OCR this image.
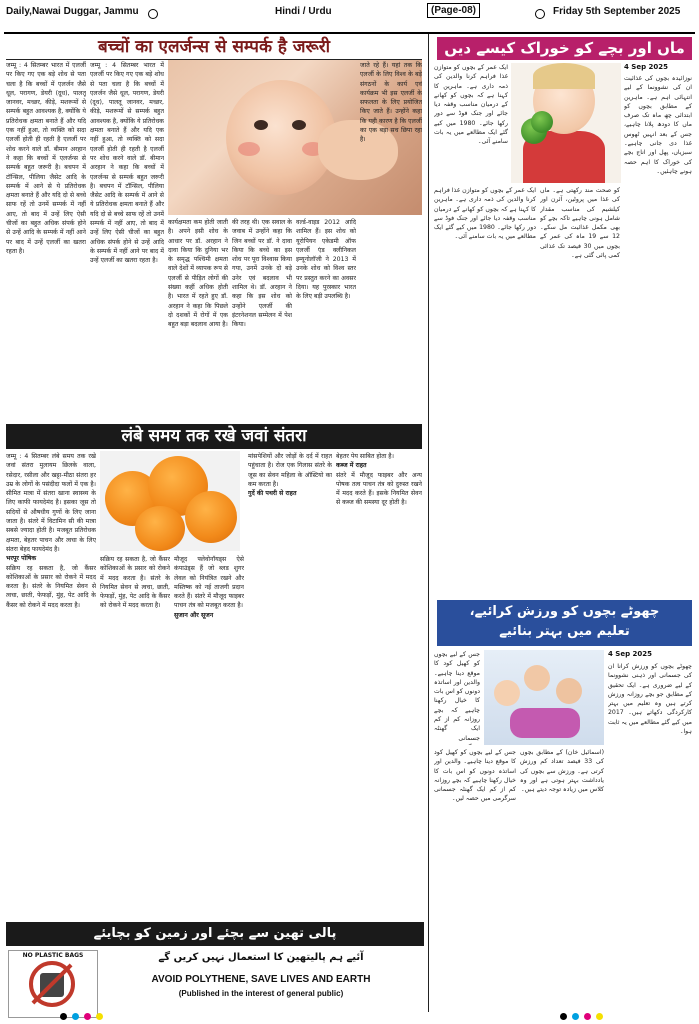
Daily,Nawai Duggar, Jammu	Hindi / Urdu	(Page-08)	Friday 5th September 2025
बच्चों का एलर्जन्स से सम्पर्क है जरूरी
जम्मू : 4 सितम्बर भारत में एलर्जी पर किए गए एक बड़े शोध से पता चला है कि बच्चों में एलर्जन जैसे धूल, परागण, डेयरी (दूध), पालतू जानवर, मच्छर, कीड़े, मशरूमों से सम्पर्क बहुत आवश्यक है, क्योंकि ये प्रतिरोधक क्षमता बनाते हैं और यदि एक नहीं हुआ, तो व्यक्ति को सदा एलर्जी होती ही रहती है एलर्जी पर शोध करने वाले डॉ. बीमान अरहान ने कहा कि बच्चों में एलर्जन्स से सम्पर्क बहुत जरूरी है। बचपन में टॉन्सिल, पीलिया जैसेट आदि के सम्पर्क में आने से ये प्रतिरोधक क्षमता बनाते हैं और यदि दो से बच्चे साफ रहें तो उनमें सम्पर्क में नहीं आए, तो बाद में उन्हें लिए ऐसी चीजों का बहुत अधिक संपर्क होने से उन्हें आदि के सम्पर्क में नहीं आने पर बाद में उन्हें एलर्जी का खतरा रहता है।
जम्मू : 4 सितम्बर भारत में एलर्जी पर किए गए एक बड़े शोध से पता चला है कि बच्चों में एलर्जन जैसे धूल, परागण, डेयरी (दूध), पालतू जानवर, मच्छर, कीड़े, मशरूमों से सम्पर्क बहुत आवश्यक है, क्योंकि ये प्रतिरोधक क्षमता बनाते हैं और यदि एक नहीं हुआ, तो व्यक्ति को सदा एलर्जी होती ही रहती है एलर्जी पर शोध करने वाले डॉ. बीमान अरहान ने कहा कि बच्चों में एलर्जन्स से सम्पर्क बहुत जरूरी है। बचपन में टॉन्सिल, पीलिया जैसेट आदि के सम्पर्क में आने से ये प्रतिरोधक क्षमता बनाते हैं और यदि दो से बच्चे साफ रहें तो उनमें सम्पर्क में नहीं आए, तो बाद में उन्हें लिए ऐसी चीजों का बहुत अधिक संपर्क होने से उन्हें आदि के सम्पर्क में नहीं आने पर बाद में उन्हें एलर्जी का खतरा रहता है।
कार्यक्षमता कम होती जाती है। अपने इसी शोध के आधार पर डॉ. अरहान ने दावा किया कि दुनिया भर के समृद्ध पश्चिमी क्षमता वाले देशों में व्यापक रूप से एलर्जी से पीड़ित लोगों की संख्या कहीं अधिक होती है। भारत में रहते हुए डॉ. अरहान ने कहा कि पिछले दो दशकों में रोगों में एक बहुत बड़ा बदलाव आया है।
की तरह थी। एक सवाल के जवाब में उन्होंने कहा कि जिन बच्चों पर डॉ. ने दावा किया कि बच्चे का इस शोध पर पूरा विश्वास किया गया, उनमें उनके दो बड़े उनेर एवं बदलाव भी शामिल थे। डॉ. अरहान ने कहा कि इस शोध को उन्होंने एलर्जी की इंटरनेशनल सम्मेलन में पेश किया।
वर्ल्ड-वाइड 2012 आदि शामिल हैं। इस शोध को यूरोपियन एकेडमी ऑफ एलर्जी एंड क्लीनिकल इम्यूनोलॉजी ने 2013 में उनके शोध को विश्व स्तर पर प्रस्तुत करने का अवसर दिया। यह पुरस्कार भारत के लिए बड़ी उपलब्धि है।
जाते रहे हैं। यहां तक कि एलर्जी के लिए विश्व के बड़े संगठनों के कार्य एवं कार्यक्रम भी इस एलर्जी के सफलता के लिए प्रयोजित किए जाते हैं। उन्होंने कहा कि यही कारण है कि एलर्जी का एक बड़ा सच छिपा रहा है।
लंबे समय तक रखे जवां संतरा
जम्मू : 4 सितम्बर लंबे समय तक रखे जवां संतरा मुलायम छिलके वाला, रसेदार, रसीला और खट्टा-मीठा संतरा हर उम्र के लोगों के पसंदीदा फलों में एक है। सीमित मात्रा में संतरा खाना स्वास्थ्य के लिए काफी फायदेमंद है। इसका जूस तो सदियों से औषधीय गुणों के लिए जाना जाता है। संतरे में विटामिन सी की मात्रा सबसे ज्यादा होती है। मजबूत प्रतिरोधक क्षमता, बेहतर पाचन और त्वचा के लिए संतरा बेहद फायदेमंद है।
भरपूर पोषिक
सक्रिय रह सकता है, जो कैंसर कोशिकाओं के प्रसार को रोकने में मदद करता है। संतरे के नियमित सेवन से त्वचा, छाती, फेफड़ों, मुंह, पेट आदि के कैंसर को रोकने में मदद करता है।
सक्रिय रह सकता है, जो कैंसर कोशिकाओं के प्रसार को रोकने में मदद करता है। संतरे के नियमित सेवन से त्वचा, छाती, फेफड़ों, मुंह, पेट आदि के कैंसर को रोकने में मदद करता है।
मौजूद फ्लेवोनॉयड्स ऐसे कंपाउंड्स हैं जो ब्लड शुगर लेवल को नियंत्रित रखने और मस्तिष्क को नई ताजगी प्रदान करते हैं। संतरे में मौजूद फाइबर पाचन तंत्र को मजबूत करता है।
सुजान और सूजन
मांसपेशियों और जोड़ों के दर्द में राहत पहुंचाता है। रोज एक गिलास संतरे के जूस का सेवन महिला के ऑस्टियो का कम करता है।
गुर्दे की पथरी से राहत
बेहतर पेय साबित होता है।
कब्ज में राहत
संतरे में मौजूद फाइबर और अन्य पोषक तत्व पाचन तंत्र को दुरुस्त रखने में मदद करते हैं। इसके नियमित सेवन से कब्ज की समस्या दूर होती है।
ماں اور بچے کو خوراک کیسے دیں
4 Sep 2025
نوزائیدہ بچوں کی غذائیت ان کی نشوونما کے لیے انتہائی اہم ہے۔ ماہرین کے مطابق بچوں کو ابتدائی چھ ماہ تک صرف ماں کا دودھ پلانا چاہیے، جس کے بعد انہیں ٹھوس غذا دی جانی چاہیے۔ سبزیاں، پھل اور اناج بچے کی خوراک کا اہم حصہ ہونے چاہئیں۔
کو صحت مند رکھتی ہے۔ ماں کی غذا میں پروٹین، آئرن اور کیلشیم کی مناسب مقدار شامل ہونی چاہیے تاکہ بچے کو بھی مکمل غذائیت مل سکے۔ 12 سے 19 ماہ کی عمر کے بچوں میں 30 فیصد تک غذائی کمی پائی گئی ہے۔
ایک عمر کے بچوں کو متوازن غذا فراہم کرنا والدین کی ذمہ داری ہے۔ ماہرین کا کہنا ہے کہ بچوں کو کھانے کے درمیان مناسب وقفہ دیا جائے اور جنک فوڈ سے دور رکھا جائے۔ 1980 میں کیے گئے ایک مطالعے میں یہ بات سامنے آئی۔
ایک عمر کے بچوں کو متوازن غذا فراہم کرنا والدین کی ذمہ داری ہے۔ ماہرین کا کہنا ہے کہ بچوں کو کھانے کے درمیان مناسب وقفہ دیا جائے اور جنک فوڈ سے دور رکھا جائے۔ 1980 میں کیے گئے ایک مطالعے میں یہ بات سامنے آئی۔
چھوٹے بچوں کو ورزش کرائیے،
تعلیم میں بہتر بنائیے
4 Sep 2025
چھوٹے بچوں کو ورزش کرانا ان کی جسمانی اور ذہنی نشوونما کے لیے ضروری ہے۔ ایک تحقیق کے مطابق جو بچے روزانہ ورزش کرتے ہیں وہ تعلیم میں بہتر کارکردگی دکھاتے ہیں۔ 2017 میں کیے گئے مطالعے میں یہ ثابت ہوا۔
(اسمائیل خان) کے مطابق بچوں کی 33 فیصد تعداد کم ورزش کرتی ہے۔ ورزش سے بچوں کی یادداشت بہتر ہوتی ہے اور وہ کلاس میں زیادہ توجہ دیتے ہیں۔
جس کے لیے بچوں کو کھیل کود کا موقع دینا چاہیے۔ والدین اور اساتذہ دونوں کو اس بات کا خیال رکھنا چاہیے کہ بچے روزانہ کم از کم ایک گھنٹہ جسمانی سرگرمی میں حصہ لیں۔
جس کے لیے بچوں کو کھیل کود کا موقع دینا چاہیے۔ والدین اور اساتذہ دونوں کو اس بات کا خیال رکھنا چاہیے کہ بچے روزانہ کم از کم ایک گھنٹہ جسمانی
پالی تھین سے بچئے اور زمین کو بچایئے
NO PLASTIC BAGS	آئیے ہم پالیتھین کا استعمال نہیں کریں گے
AVOID POLYTHENE, SAVE LIVES AND EARTH
(Published in the interest of general public)
